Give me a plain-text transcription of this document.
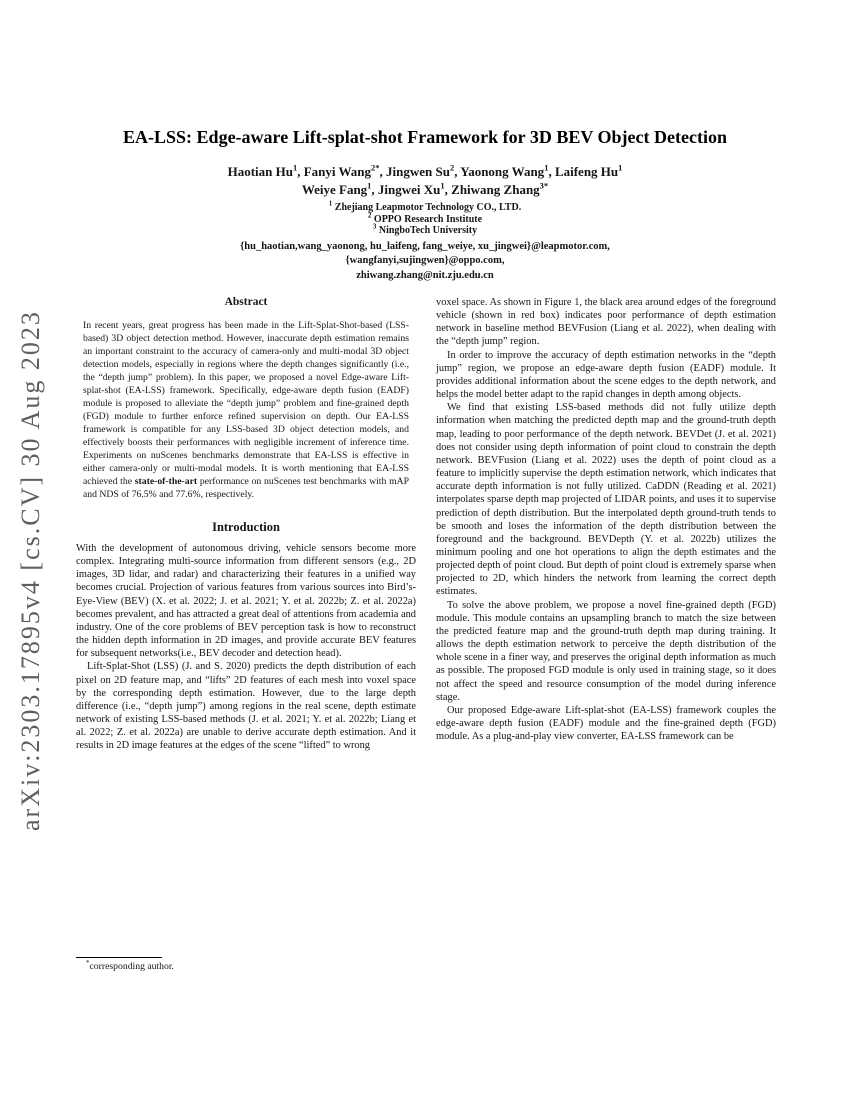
arXiv:2303.17895v4 [cs.CV] 30 Aug 2023
EA-LSS: Edge-aware Lift-splat-shot Framework for 3D BEV Object Detection

Haotian Hu$^1$, Fanyi Wang$^{2*}$, Jingwen Su$^2$, Yaonong Wang$^1$, Laifeng Hu$^1$

Weiye Fang$^1$, Jingwei Xu$^1$, Zhiwang Zhang$^{3*}$

$^1$ Zhejiang Leapmotor Technology CO., LTD.

$^2$ OPPO Research Institute

$^3$ NingboTech University

{hu_haotian,wang_yaonong, hu_laifeng, fang_weiye, xu_jingwei}@leapmotor.com,

{wangfanyi,sujingwen}@oppo.com,

zhiwang.zhang@nit.zju.edu.cn

Abstract

In recent years, great progress has been made in the Lift-Splat-Shot-based (LSS-based) 3D object detection method. However, inaccurate depth estimation remains an important constraint to the accuracy of camera-only and multi-modal 3D object detection models, especially in regions where the depth changes significantly (i.e., the “depth jump” problem). In this paper, we proposed a novel Edge-aware Lift-splat-shot (EA-LSS) framework. Specifically, edge-aware depth fusion (EADF) module is proposed to alleviate the “depth jump” problem and fine-grained depth (FGD) module to further enforce refined supervision on depth. Our EA-LSS framework is compatible for any LSS-based 3D object detection models, and effectively boosts their performances with negligible increment of inference time. Experiments on nuScenes benchmarks demonstrate that EA-LSS is effective in either camera-only or multi-modal models. It is worth mentioning that EA-LSS achieved the state-of-the-art performance on nuScenes test benchmarks with mAP and NDS of 76.5% and 77.6%, respectively.

Introduction

With the development of autonomous driving, vehicle sensors become more complex. Integrating multi-source information from different sensors (e.g., 2D images, 3D lidar, and radar) and characterizing their features in a unified way becomes crucial. Projection of various features from various sources into Bird’s-Eye-View (BEV) (X. et al. 2022; J. et al. 2021; Y. et al. 2022b; Z. et al. 2022a) becomes prevalent, and has attracted a great deal of attentions from academia and industry. One of the core problems of BEV perception task is how to reconstruct the hidden depth information in 2D images, and provide accurate BEV features for subsequent networks(i.e., BEV decoder and detection head).

Lift-Splat-Shot (LSS) (J. and S. 2020) predicts the depth distribution of each pixel on 2D feature map, and “lifts” 2D features of each mesh into voxel space by the corresponding depth estimation. However, due to the large depth difference (i.e., “depth jump”) among regions in the real scene, depth estimate network of existing LSS-based methods (J. et al. 2021; Y. et al. 2022b; Liang et al. 2022; Z. et al. 2022a) are unable to derive accurate depth estimation. And it results in 2D image features at the edges of the scene “lifted” to wrong

voxel space. As shown in Figure 1, the black area around edges of the foreground vehicle (shown in red box) indicates poor performance of depth estimation network in baseline method BEVFusion (Liang et al. 2022), when dealing with the “depth jump” region.

In order to improve the accuracy of depth estimation networks in the “depth jump” region, we propose an edge-aware depth fusion (EADF) module. It provides additional information about the scene edges to the depth network, and helps the model better adapt to the rapid changes in depth among objects.

We find that existing LSS-based methods did not fully utilize depth information when matching the predicted depth map and the ground-truth depth map, leading to poor performance of the depth network. BEVDet (J. et al. 2021) does not consider using depth information of point cloud to constrain the depth network. BEVFusion (Liang et al. 2022) uses the depth of point cloud as a feature to implicitly supervise the depth estimation network, which indicates that accurate depth information is not fully utilized. CaDDN (Reading et al. 2021) interpolates sparse depth map projected of LIDAR points, and uses it to supervise prediction of depth distribution. But the interpolated depth ground-truth tends to be smooth and loses the information of the depth distribution between the foreground and the background. BEVDepth (Y. et al. 2022b) utilizes the minimum pooling and one hot operations to align the depth estimates and the projected depth of point cloud. But depth of point cloud is extremely sparse when projected to 2D, which hinders the network from learning the correct depth estimates.

To solve the above problem, we propose a novel fine-grained depth (FGD) module. This module contains an upsampling branch to match the size between the predicted feature map and the ground-truth depth map during training. It allows the depth estimation network to perceive the depth distribution of the whole scene in a finer way, and preserves the original depth information as much as possible. The proposed FGD module is only used in training stage, so it does not affect the speed and resource consumption of the model during inference stage.

Our proposed Edge-aware Lift-splat-shot (EA-LSS) framework couples the edge-aware depth fusion (EADF) module and the fine-grained depth (FGD) module. As a plug-and-play view converter, EA-LSS framework can be

*corresponding author.
